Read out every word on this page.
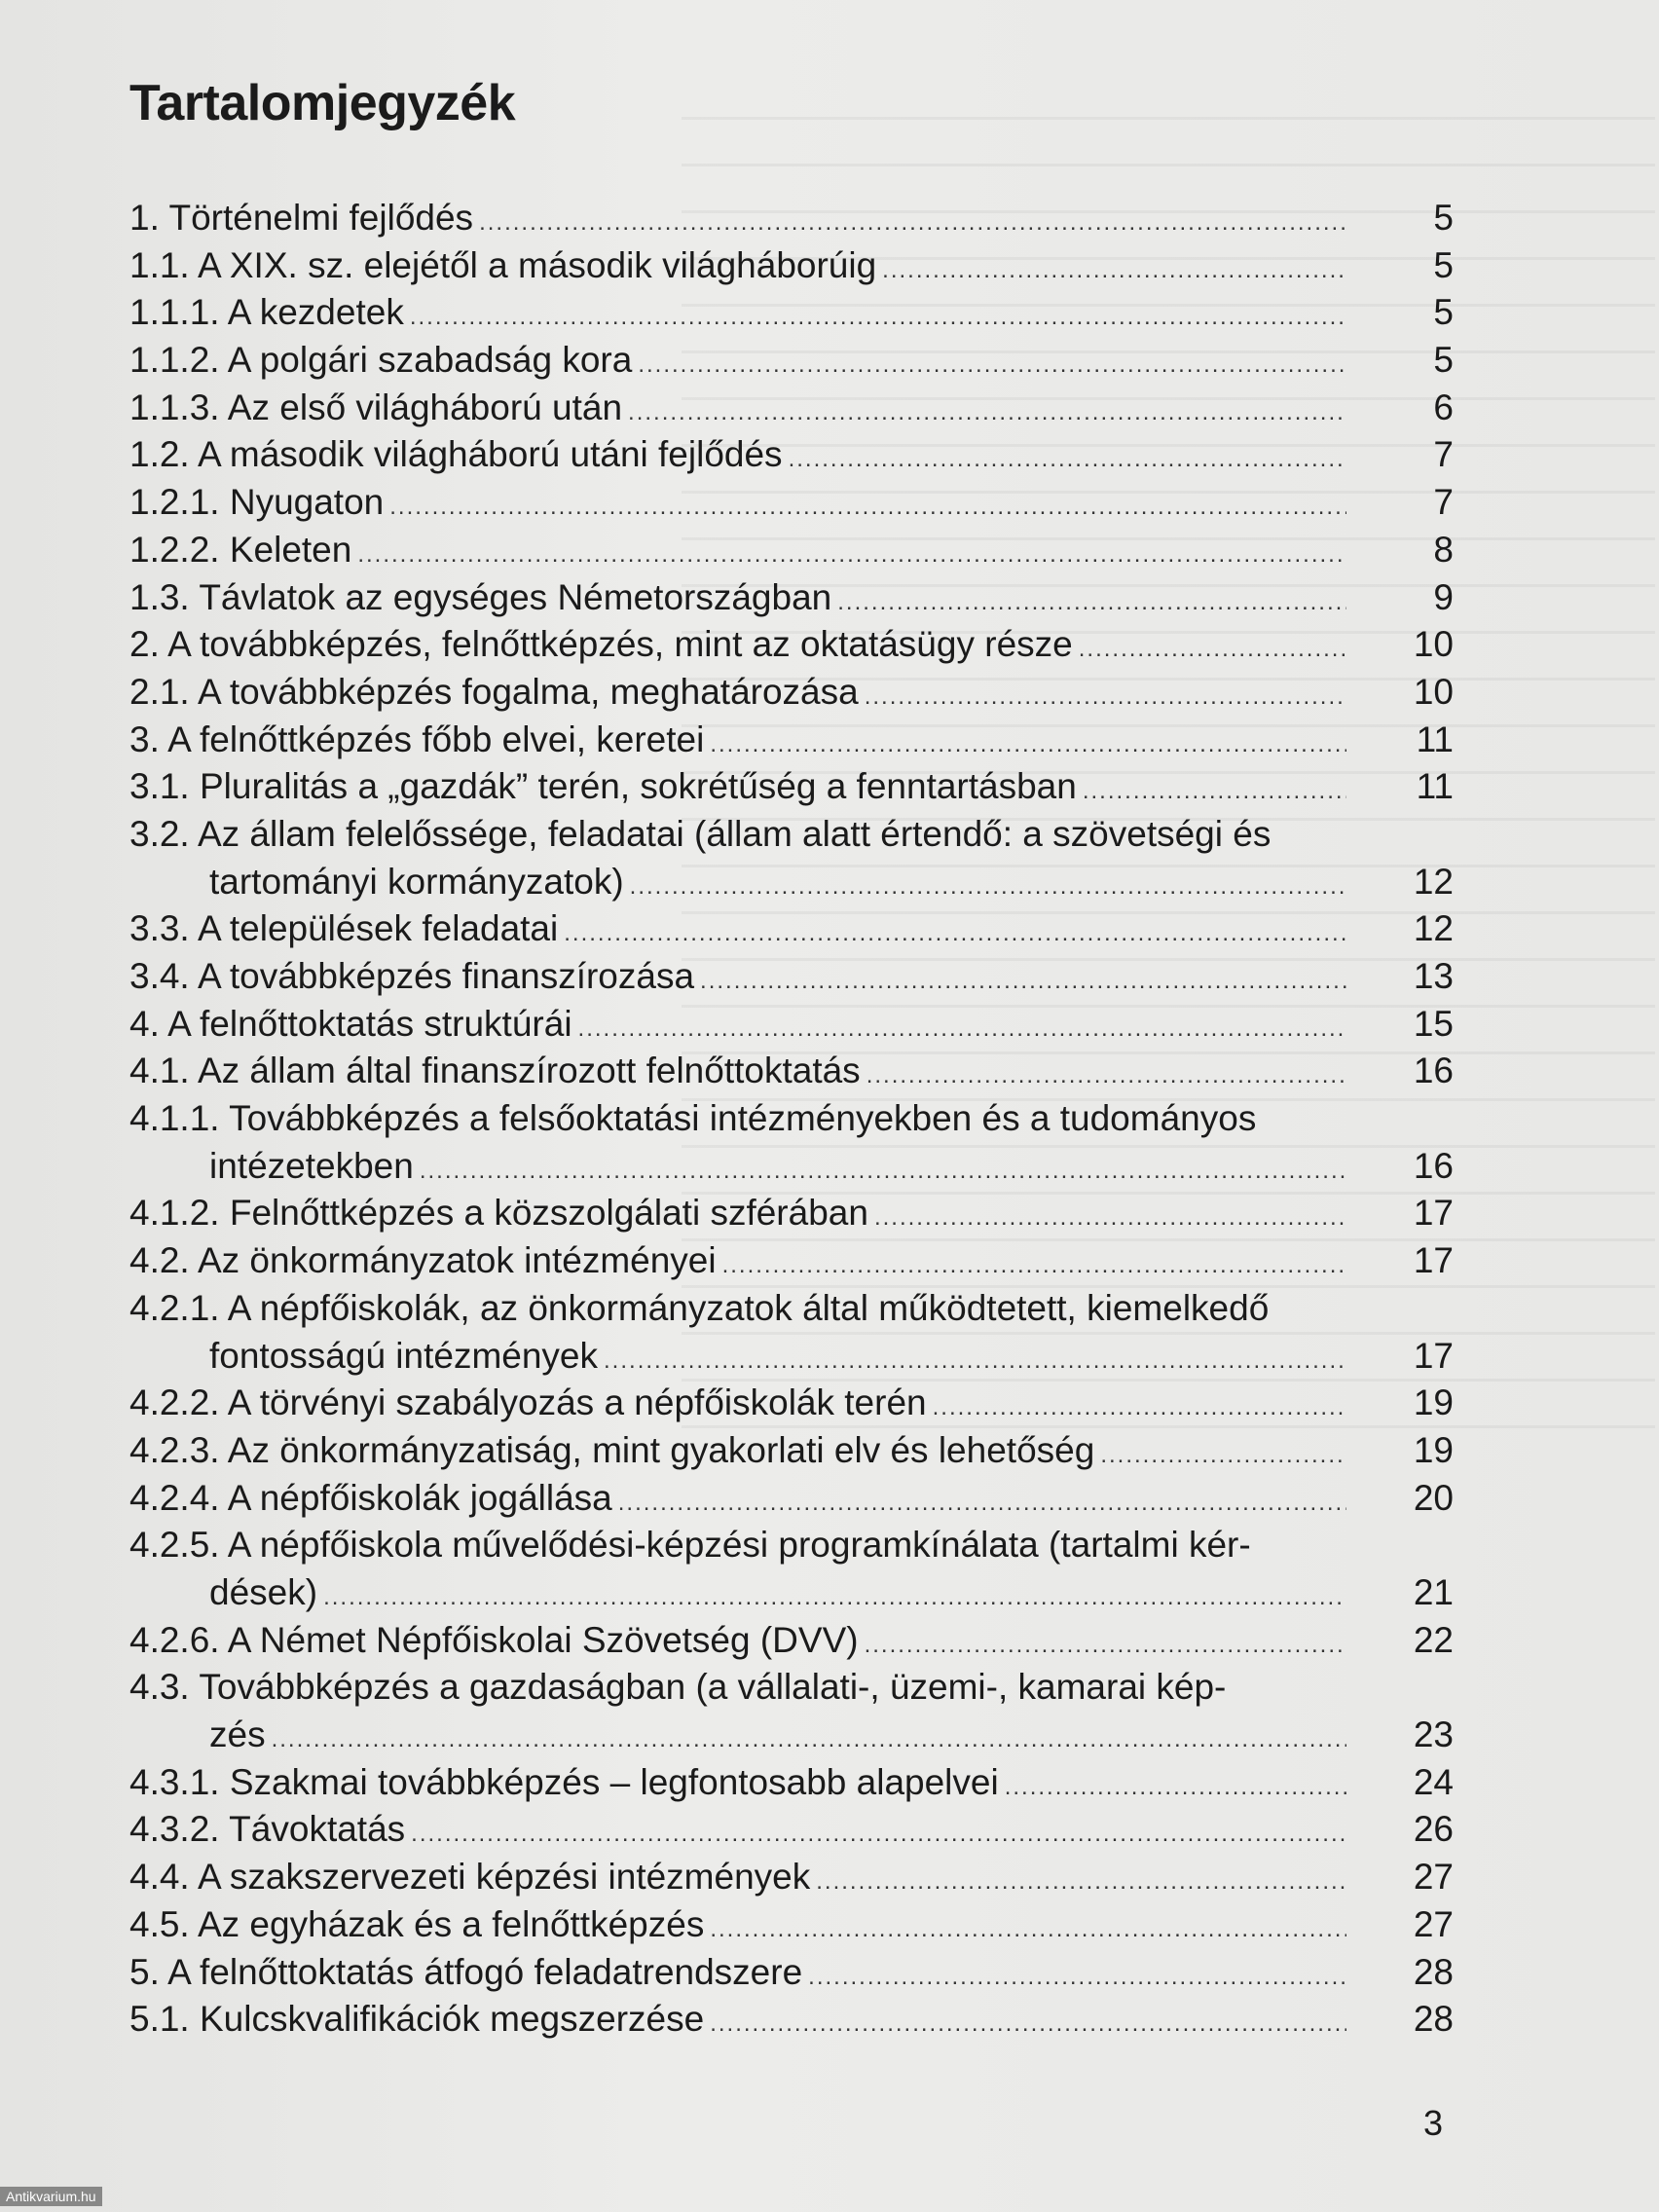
Tartalomjegyzék
1. Történelmi fejlődés .....	5
1.1. A XIX. sz. elejétől a második világháborúig .....	5
1.1.1. A kezdetek .....	5
1.1.2. A polgári szabadság kora .....	5
1.1.3. Az első világháború után .....	6
1.2. A második világháború utáni fejlődés .....	7
1.2.1. Nyugaton .....	7
1.2.2. Keleten .....	8
1.3. Távlatok az egységes Németországban .....	9
2. A továbbképzés, felnőttképzés, mint az oktatásügy része .....	10
2.1. A továbbképzés fogalma, meghatározása .....	10
3. A felnőttképzés főbb elvei, keretei .....	11
3.1. Pluralitás a „gazdák” terén, sokrétűség a fenntartásban .....	11
3.2. Az állam felelőssége, feladatai (állam alatt értendő: a szövetségi és
tartományi kormányzatok) .....	12
3.3. A települések feladatai .....	12
3.4. A továbbképzés finanszírozása .....	13
4. A felnőttoktatás struktúrái .....	15
4.1. Az állam által finanszírozott felnőttoktatás .....	16
4.1.1. Továbbképzés a felsőoktatási intézményekben és a tudományos
intézetekben .....	16
4.1.2. Felnőttképzés a közszolgálati szférában .....	17
4.2. Az önkormányzatok intézményei .....	17
4.2.1. A népfőiskolák, az önkormányzatok által működtetett, kiemelkedő
fontosságú intézmények .....	17
4.2.2. A törvényi szabályozás a népfőiskolák terén .....	19
4.2.3. Az önkormányzatiság, mint gyakorlati elv és lehetőség .....	19
4.2.4. A népfőiskolák jogállása .....	20
4.2.5. A népfőiskola művelődési-képzési programkínálata (tartalmi kér-
dések) .....	21
4.2.6. A Német Népfőiskolai Szövetség (DVV) .....	22
4.3. Továbbképzés a gazdaságban (a vállalati-, üzemi-, kamarai kép-
zés .....	23
4.3.1. Szakmai továbbképzés – legfontosabb alapelvei .....	24
4.3.2. Távoktatás .....	26
4.4. A szakszervezeti képzési intézmények .....	27
4.5. Az egyházak és a felnőttképzés .....	27
5. A felnőttoktatás átfogó feladatrendszere .....	28
5.1. Kulcskvalifikációk megszerzése .....	28
3
Antikvarium.hu
